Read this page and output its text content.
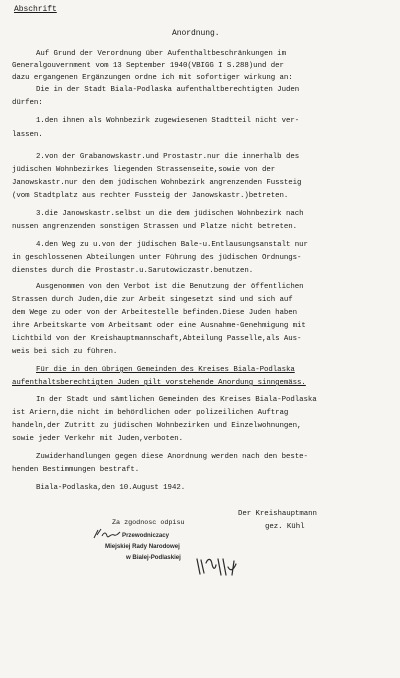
Abschrift
Anordnung.
Auf Grund der Verordnung über Aufenthaltbeschränkungen im
Generalgouvernment vom 13 September 1940(VBIGG I S.288)und der
dazu ergangenen Ergänzungen ordne ich mit sofortiger wirkung an:
Die in der Stadt Biala-Podlaska aufenthaltberechtigten Juden
dürfen:
1.den ihnen als Wohnbezirk zugewiesenen Stadtteil nicht ver-
lassen.
2.von der Grabanowskastr.und Prostastr.nur die innerhalb des
jüdischen Wohnbezirkes liegenden Strassenseite,sowie von der
Janowskastr.nur den dem jüdischen Wohnbezirk angrenzenden Fussteig
(vom Stadtplatz aus rechter Fussteig der Janowskastr.)betreten.
3.die Janowskastr.selbst un die dem jüdischen Wohnbezirk nach
nussen angrenzenden sonstigen Strassen und Platze nicht betreten.
4.den Weg zu u.von der jüdischen Bale-u.Entlausungsanstalt nur
in geschlossenen Abteilungen unter Führung des jüdischen Ordnungs-
dienstes durch die Prostastr.u.Sarutowiczastr.benutzen.
Ausgenommen von den Verbot ist die Benutzung der öffentlichen
Strassen durch Juden,die zur Arbeit singesetzt sind und sich auf
dem Wege zu oder von der Arbeitestelle befinden.Diese Juden haben
ihre Arbeitskarte vom Arbeitsamt oder eine Ausnahme-Genehmigung mit
Lichtbild von der Kreishauptmannschaft,Abteilung Passelle,als Aus-
weis bei sich zu führen.
Für die in den übrigen Gemeinden des Kreises Biala-Podlaska
aufenthaltsberechtigten Juden gilt vorstehende Anordung sinngemäss.
In der Stadt und sämtlichen Gemeinden des Kreises Biala-Podlaska
ist Ariern,die nicht im behördlichen oder polizeilichen Auftrag
handeln,der Zutritt zu jüdischen Wohnbezirken und Einzelwohnungen,
sowie jeder Verkehr mit Juden,verboten.
Zuwiderhandlungen gegen diese Anordnung werden nach den beste-
henden Bestimmungen bestraft.
Biala-Podlaska,den 10.August 1942.
Der Kreishauptmann
gez. Kühl
Za zgodnosc odpisu
Przewodniczacy
Miejskiej Rady Narodowej
w Bialej-Podlaskiej
